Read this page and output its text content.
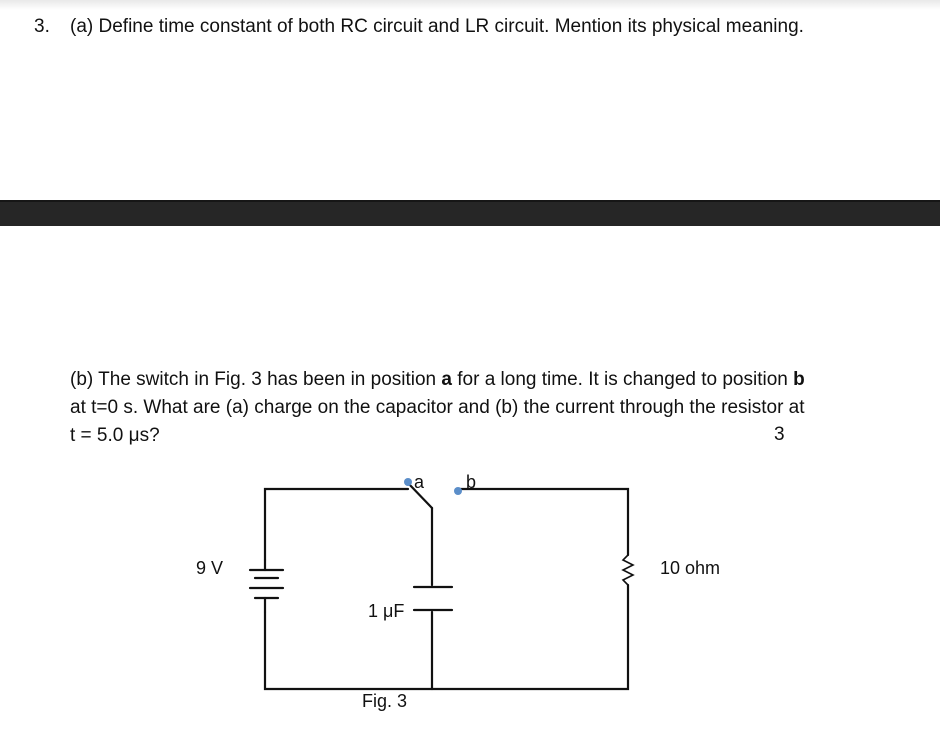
3. (a) Define time constant of both RC circuit and LR circuit. Mention its physical meaning.
(b) The switch in Fig. 3 has been in position a for a long time. It is changed to position b
at t=0 s. What are (a) charge on the capacitor and (b) the current through the resistor at
t = 5.0 μs?	3
a b
9 V
1 μF
10 ohm
Fig. 3
